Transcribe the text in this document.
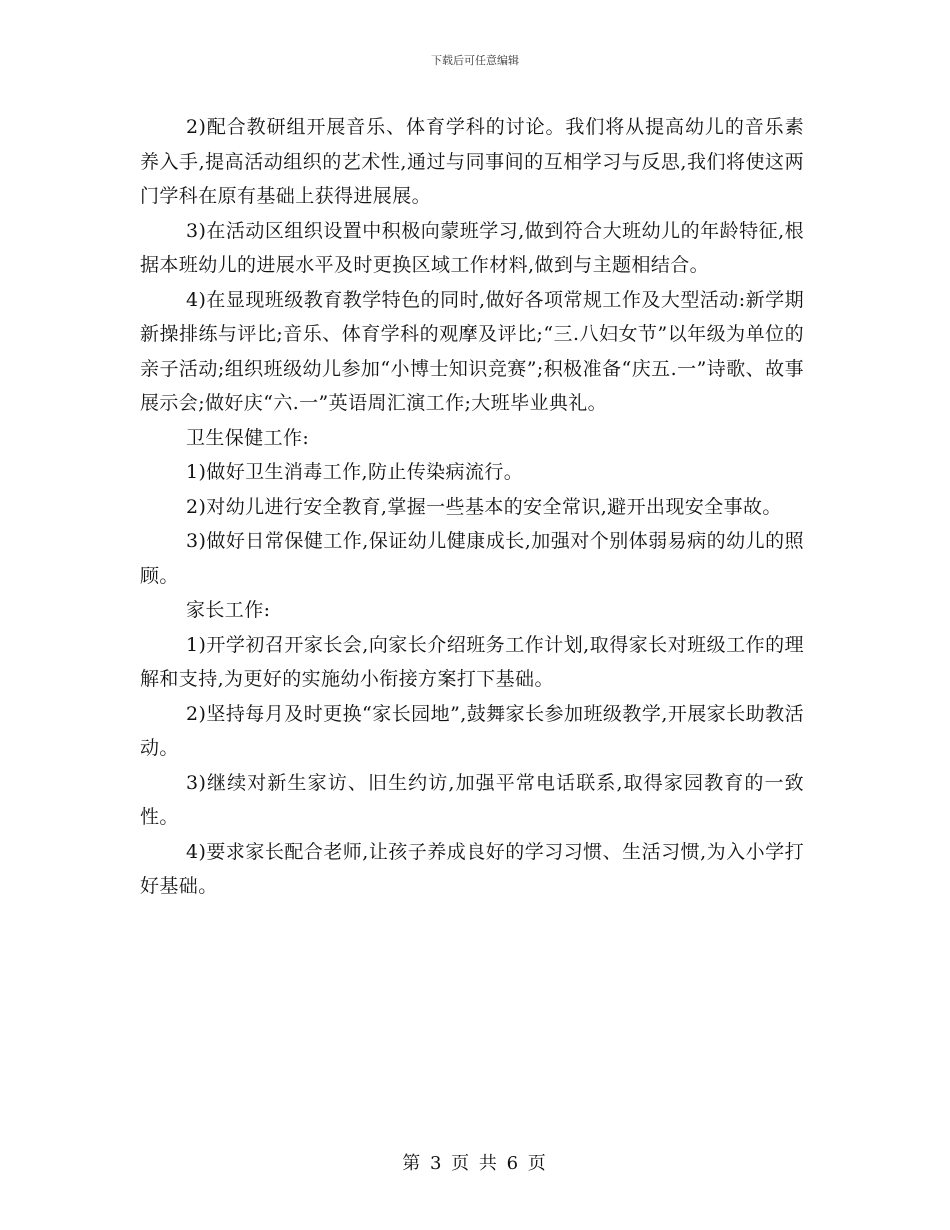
下载后可任意编辑

2)配合教研组开展音乐、体育学科的讨论。我们将从提高幼儿的音乐素养入手,提高活动组织的艺术性,通过与同事间的互相学习与反思,我们将使这两门学科在原有基础上获得进展展。

3)在活动区组织设置中积极向蒙班学习,做到符合大班幼儿的年龄特征,根据本班幼儿的进展水平及时更换区域工作材料,做到与主题相结合。

4)在显现班级教育教学特色的同时,做好各项常规工作及大型活动:新学期新操排练与评比;音乐、体育学科的观摩及评比;“三.八妇女节”以年级为单位的亲子活动;组织班级幼儿参加“小博士知识竞赛”;积极准备“庆五.一”诗歌、故事展示会;做好庆“六.一”英语周汇演工作;大班毕业典礼。

卫生保健工作:

1)做好卫生消毒工作,防止传染病流行。

2)对幼儿进行安全教育,掌握一些基本的安全常识,避开出现安全事故。

3)做好日常保健工作,保证幼儿健康成长,加强对个别体弱易病的幼儿的照顾。

家长工作:

1)开学初召开家长会,向家长介绍班务工作计划,取得家长对班级工作的理解和支持,为更好的实施幼小衔接方案打下基础。

2)坚持每月及时更换“家长园地”,鼓舞家长参加班级教学,开展家长助教活动。

3)继续对新生家访、旧生约访,加强平常电话联系,取得家园教育的一致性。

4)要求家长配合老师,让孩子养成良好的学习习惯、生活习惯,为入小学打好基础。

第 3 页 共 6 页
